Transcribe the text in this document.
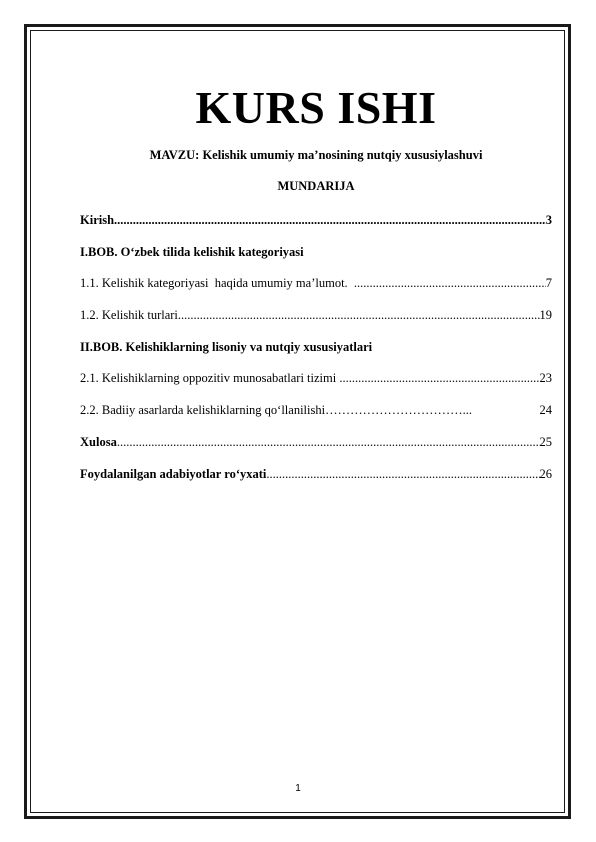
KURS ISHI
MAVZU: Kelishik umumiy ma’nosining nutqiy xususiylashuvi
MUNDARIJA
Kirish .....	3
I.BOB. O‘zbek tilida kelishik kategoriyasi
1.1. Kelishik kategoriyasi  haqida umumiy ma’lumot. .....	7
1.2. Kelishik turlari .....	19
II.BOB. Kelishiklarning lisoniy va nutqiy xususiyatlari
2.1. Kelishiklarning oppozitiv munosabatlari tizimi .....	23
2.2. Badiiy asarlarda kelishiklarning qo‘llanilishi ……………………………...	24
Xulosa .....	25
Foydalanilgan adabiyotlar ro‘yxati .....	26
1
